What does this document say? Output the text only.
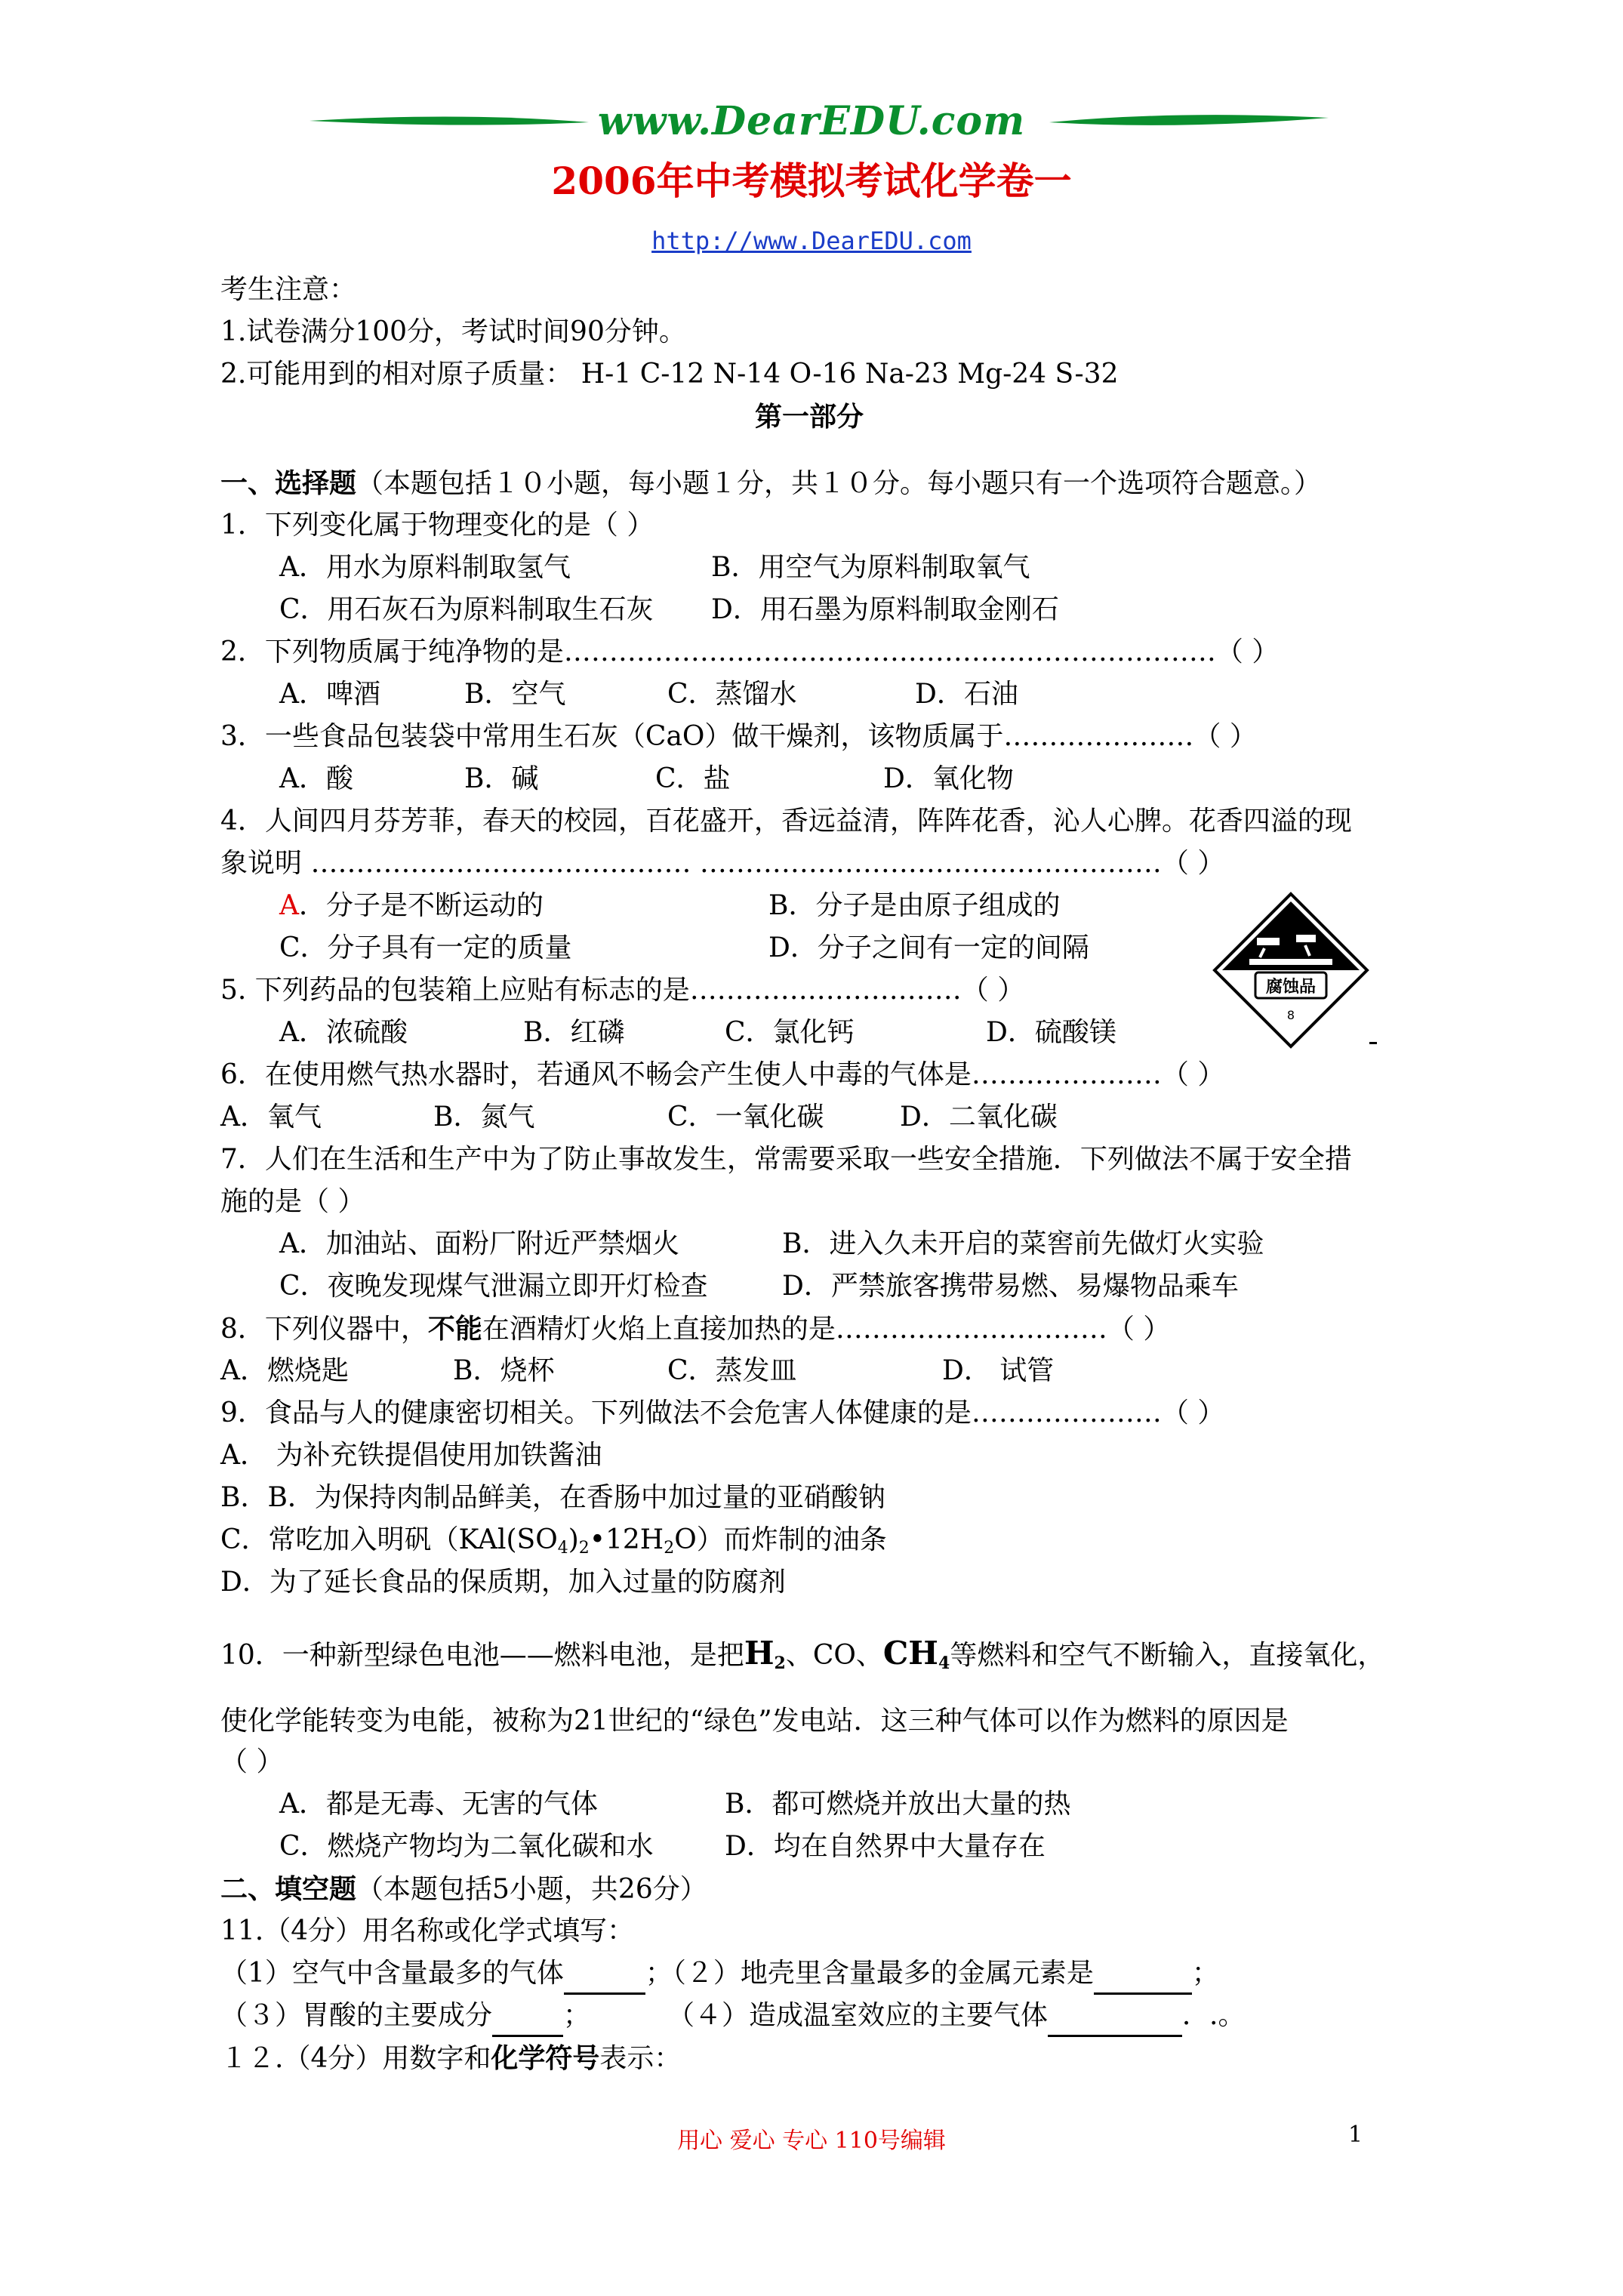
www.DearEDU.com
2006年中考模拟考试化学卷一
http://www.DearEDU.com
考生注意：
1.试卷满分100分，考试时间90分钟。
2.可能用到的相对原子质量： H-1 C-12 N-14 O-16 Na-23 Mg-24 S-32
第一部分
一、选择题（本题包括１０小题，每小题１分，共１０分。每小题只有一个选项符合题意。）
1．下列变化属于物理变化的是（ ）
A．用水为原料制取氢气	B．用空气为原料制取氧气
C．用石灰石为原料制取生石灰 D．用石墨为原料制取金刚石
2．下列物质属于纯净物的是………………………………………………………………（ ）
A．啤酒	B．空气	C．蒸馏水	D．石油
3．一些食品包装袋中常用生石灰（CaO）做干燥剂，该物质属于…………………（ ）
A．酸	B．碱	C．盐	D．氧化物
4．人间四月芬芳菲，春天的校园，百花盛开，香远益清，阵阵花香，沁人心脾。花香四溢的现
象说明 …………………………………… ……………………………………………（ ）
A．分子是不断运动的	B．分子是由原子组成的
C．分子具有一定的质量	D．分子之间有一定的间隔
5. 下列药品的包装箱上应贴有标志的是…………………………（ ）
A．浓硫酸	B．红磷	C．氯化钙	D．硫酸镁
腐蚀品
8
6．在使用燃气热水器时，若通风不畅会产生使人中毒的气体是…………………（ ）
A．氧气	B．氮气	C．一氧化碳	D．二氧化碳
7．人们在生活和生产中为了防止事故发生，常需要采取一些安全措施．下列做法不属于安全措
施的是（ ）
A．加油站、面粉厂附近严禁烟火	B．进入久未开启的菜窖前先做灯火实验
C．夜晚发现煤气泄漏立即开灯检查	D．严禁旅客携带易燃、易爆物品乘车
8．下列仪器中，不能在酒精灯火焰上直接加热的是…………………………（ ）
A．燃烧匙	B．烧杯	C．蒸发皿	D． 试管
9．食品与人的健康密切相关。下列做法不会危害人体健康的是…………………（ ）
A． 为补充铁提倡使用加铁酱油
B．B．为保持肉制品鲜美，在香肠中加过量的亚硝酸钠
C．常吃加入明矾$(KAl(SO_4)_2•12H_2O)$而炸制的油条
D．为了延长食品的保质期，加入过量的防腐剂
10．一种新型绿色电池——燃料电池，是把$H_2$、CO、$CH_4$等燃料和空气不断输入，直接氧化，
使化学能转变为电能，被称为21世纪的“绿色”发电站．这三种气体可以作为燃料的原因是
（ ）
A．都是无毒、无害的气体	B．都可燃烧并放出大量的热
C．燃烧产物均为二氧化碳和水	D．均在自然界中大量存在
二、填空题（本题包括5小题，共26分）
11.（4分）用名称或化学式填写：
（1）空气中含量最多的气体	；（２）地壳里含量最多的金属元素是	；
（３）胃酸的主要成分	；	（４）造成温室效应的主要气体	．.。
１２.（4分）用数字和化学符号表示：
用心 爱心 专心 110号编辑	1
